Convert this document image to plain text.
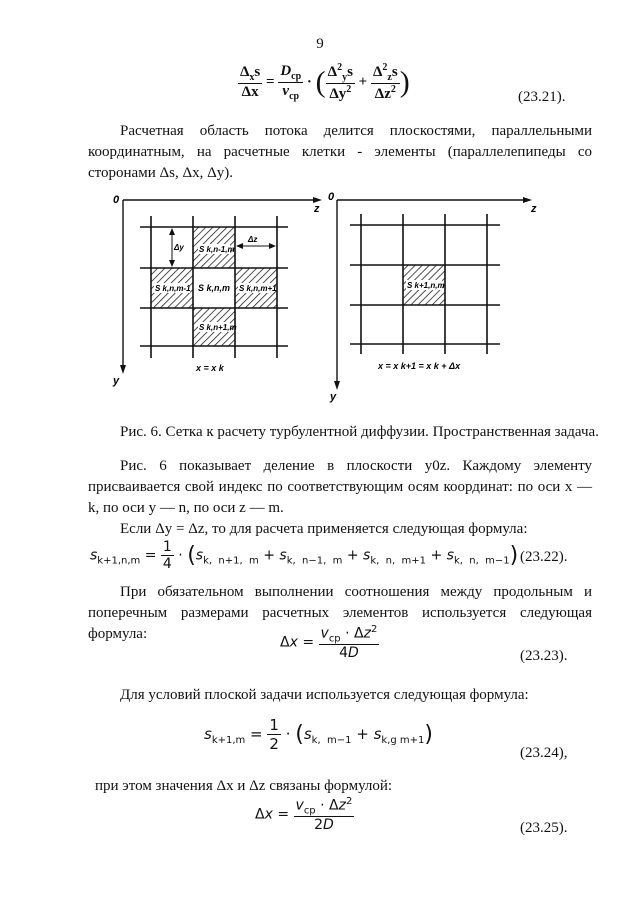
9
$\frac{\Delta_xs}{\Delta x} = \frac{D_{ср}}{v_{ср}}$ · ( $\frac{\Delta^2_ys}{\Delta y^2} + \frac{\Delta^2_zs}{\Delta z^2}$ )	(23.21).
Расчетная область потока делится плоскостями, параллельными координатным, на расчетные клетки - элементы (параллелепипеды со сторонами Δs, Δx, Δy).
0
z
y
Δy
Δz
S k,n-1,m
S k,n,m-1 S k,n,m S k,n,m+1
S k,n+1,m
x = x k
0
z
y
S k+1,n,m
x = x k+1 = x k + Δx
Рис. 6. Сетка к расчету турбулентной диффузии. Пространственная задача.
Рис. 6 показывает деление в плоскости y0z. Каждому элементу присваивается свой индекс по соответствующим осям координат: по оси x — k, по оси y — n, по оси z — m.
Если Δy = Δz, то для расчета применяется следующая формула:
$s_{k+1,n,m} = \frac{1}{4} \cdot (s_{k, n+1, m} + s_{k, n-1, m} + s_{k, n, m+1} + s_{k, n, m-1})$ (23.22).
При обязательном выполнении соотношения между продольным и поперечным размерами расчетных элементов используется следующая формула:
$\Delta x = \frac{v_{ср} \cdot \Delta z^2}{4D}$	(23.23).
Для условий плоской задачи используется следующая формула:
$s_{k+1,m} = \frac{1}{2} \cdot (s_{k, m-1} + s_{k,g m+1})$
(23.24),
при этом значения Δx и Δz связаны формулой:
$\Delta x = \frac{v_{ср} \cdot \Delta z^2}{2D}$	(23.25).
